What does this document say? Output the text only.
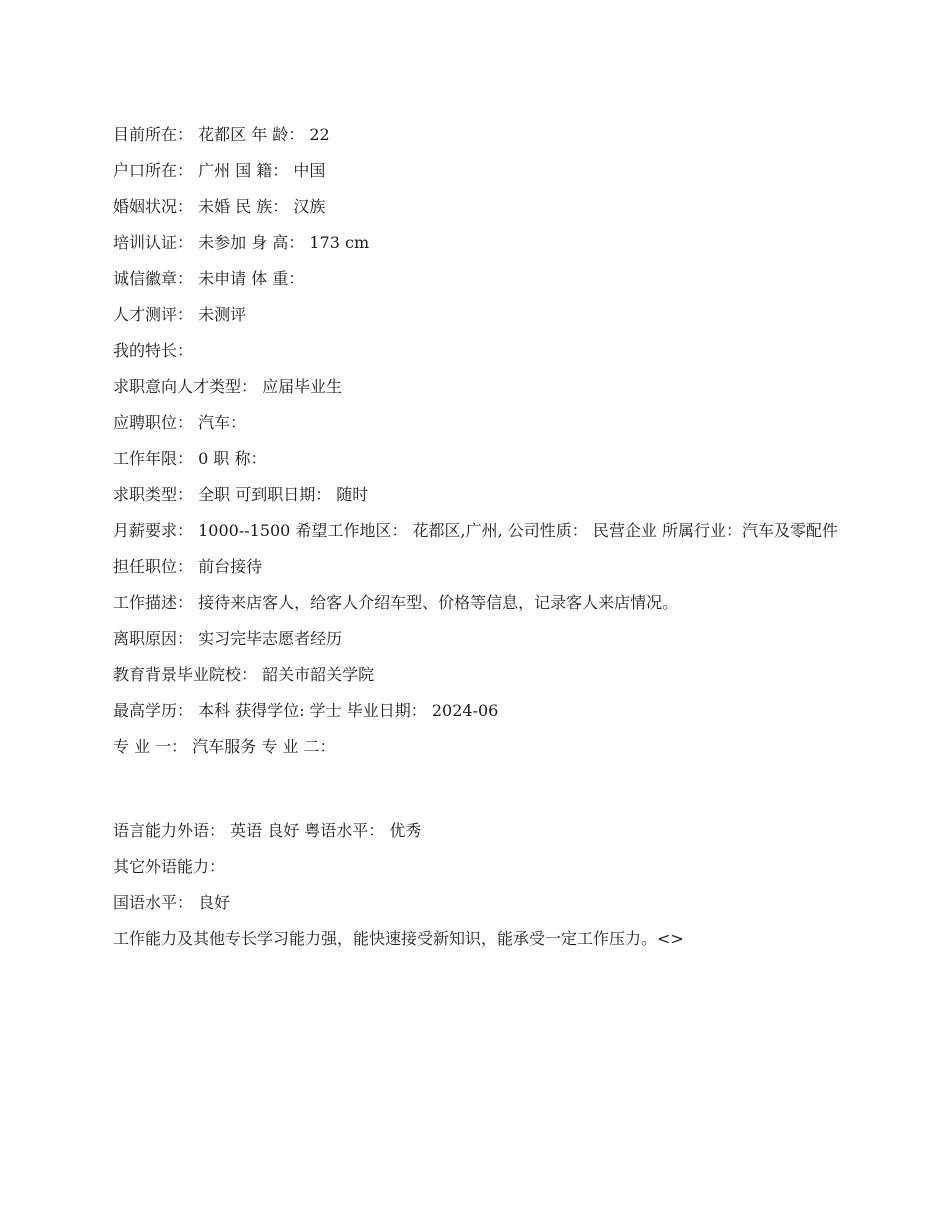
目前所在： 花都区 年 龄： 22

户口所在： 广州 国 籍： 中国

婚姻状况： 未婚 民 族： 汉族

培训认证： 未参加 身 高： 173 cm

诚信徽章： 未申请 体 重：

人才测评： 未测评

我的特长：

求职意向人才类型： 应届毕业生

应聘职位： 汽车：

工作年限： 0 职 称：

求职类型： 全职 可到职日期： 随时

月薪要求： 1000--1500 希望工作地区： 花都区,广州, 公司性质： 民营企业 所属行业：汽车及零配件

担任职位： 前台接待

工作描述： 接待来店客人，给客人介绍车型、价格等信息，记录客人来店情况。

离职原因： 实习完毕志愿者经历

教育背景毕业院校： 韶关市韶关学院

最高学历： 本科 获得学位: 学士 毕业日期： 2024-06

专 业 一： 汽车服务 专 业 二：

语言能力外语： 英语 良好 粤语水平： 优秀

其它外语能力：

国语水平： 良好

工作能力及其他专长学习能力强，能快速接受新知识，能承受一定工作压力。<>
